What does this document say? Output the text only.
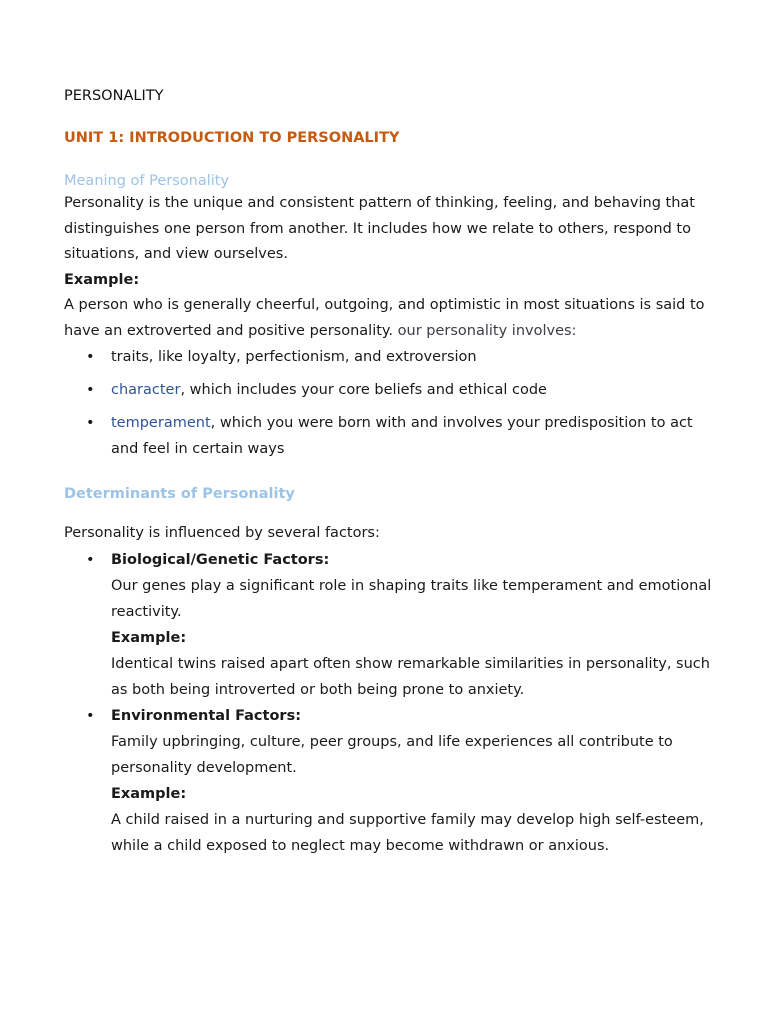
PERSONALITY

UNIT 1: INTRODUCTION TO PERSONALITY

Meaning of Personality

Personality is the unique and consistent pattern of thinking, feeling, and behaving that distinguishes one person from another. It includes how we relate to others, respond to situations, and view ourselves.

Example:

A person who is generally cheerful, outgoing, and optimistic in most situations is said to have an extroverted and positive personality. our personality involves:

• traits, like loyalty, perfectionism, and extroversion
• character, which includes your core beliefs and ethical code
• temperament, which you were born with and involves your predisposition to act and feel in certain ways

Determinants of Personality

Personality is influenced by several factors:

• Biological/Genetic Factors:
Our genes play a significant role in shaping traits like temperament and emotional reactivity.
Example:
Identical twins raised apart often show remarkable similarities in personality, such as both being introverted or both being prone to anxiety.
• Environmental Factors:
Family upbringing, culture, peer groups, and life experiences all contribute to personality development.
Example:
A child raised in a nurturing and supportive family may develop high self-esteem, while a child exposed to neglect may become withdrawn or anxious.
